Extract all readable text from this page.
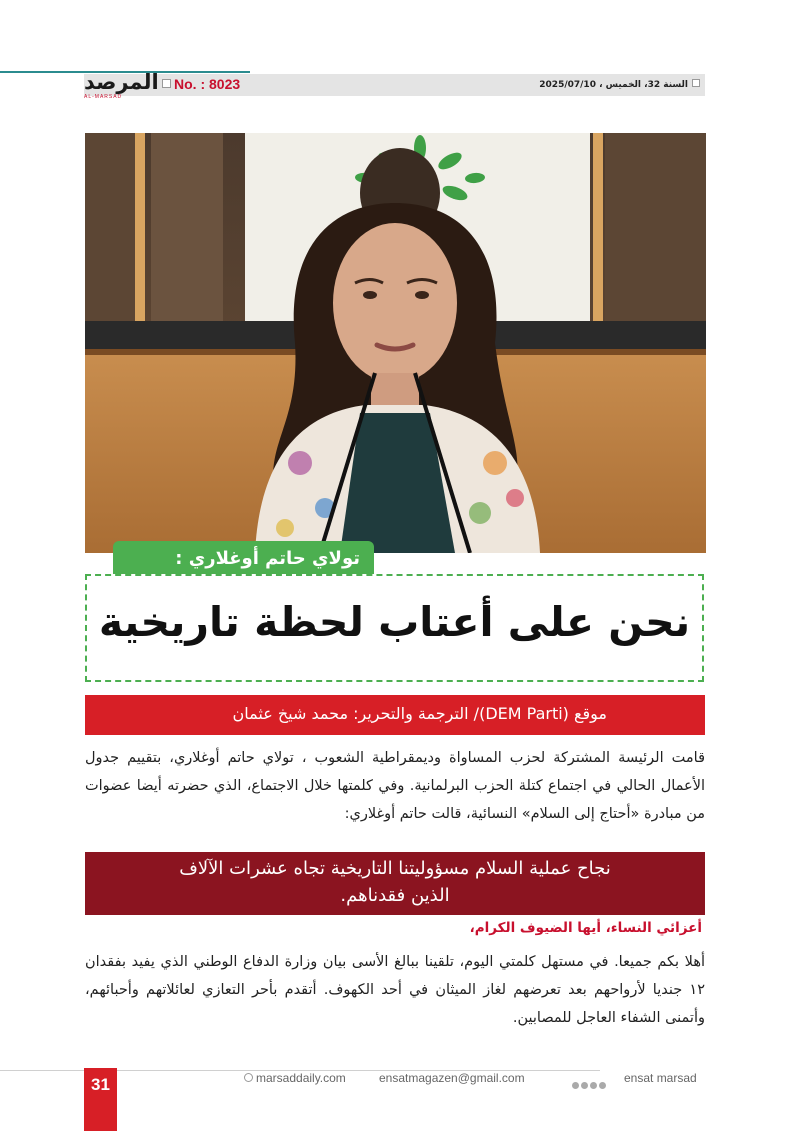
المرصد
AL-MARSAD
No. : 8023	السنة 32، الخميس ، 2025/07/10
تولاي حاتم أوغلاري :
نحن على أعتاب لحظة تاريخية
موقع (DEM Parti)/ الترجمة والتحرير: محمد شيخ عثمان
قامت الرئيسة المشتركة لحزب المساواة وديمقراطية الشعوب ، تولاي حاتم أوغلاري، بتقييم جدول الأعمال الحالي في اجتماع كتلة الحزب البرلمانية. وفي كلمتها خلال الاجتماع، الذي حضرته أيضا عضوات من مبادرة «أحتاج إلى السلام» النسائية، قالت حاتم أوغلاري:
نجاح عملية السلام مسؤوليتنا التاريخية تجاه عشرات الآلاف
الذين فقدناهم.
أعزائي النساء، أيها الضيوف الكرام،
أهلا بكم جميعا. في مستهل كلمتي اليوم، تلقينا ببالغ الأسى بيان وزارة الدفاع الوطني الذي يفيد بفقدان ١٢ جنديا لأرواحهم بعد تعرضهم لغاز الميثان في أحد الكهوف. أتقدم بأحر التعازي لعائلاتهم وأحبائهم، وأتمنى الشفاء العاجل للمصابين.
31	marsaddaily.com	ensatmagazen@gmail.com	ensat marsad
